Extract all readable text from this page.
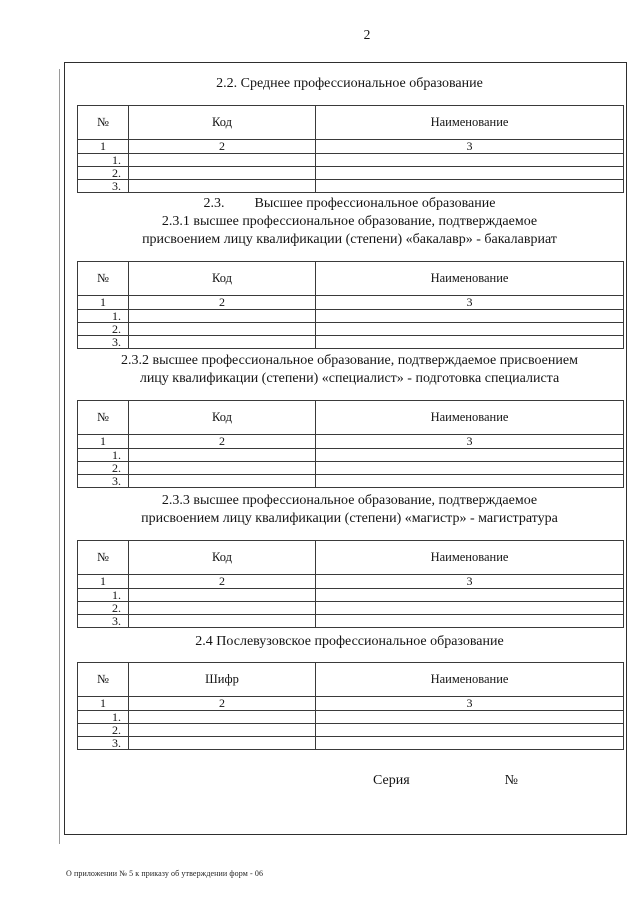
2
2.2. Среднее профессиональное образование
№	Код	Наименование
1	2	3
1.		
2.		
3.		
2.3. Высшее профессиональное образование
2.3.1 высшее профессиональное образование, подтверждаемое
присвоением лицу квалификации (степени) «бакалавр» - бакалавриат
№	Код	Наименование
1	2	3
1.		
2.		
3.		
2.3.2 высшее профессиональное образование, подтверждаемое присвоением
лицу квалификации (степени) «специалист» - подготовка специалиста
№	Код	Наименование
1	2	3
1.		
2.		
3.		
2.3.3 высшее профессиональное образование, подтверждаемое
присвоением лицу квалификации (степени) «магистр» - магистратура
№	Код	Наименование
1	2	3
1.		
2.		
3.		
2.4 Послевузовское профессиональное образование
№	Шифр	Наименование
1	2	3
1.		
2.		
3.		
Серия	№
О приложении № 5 к приказу об утверждении форм - 06
